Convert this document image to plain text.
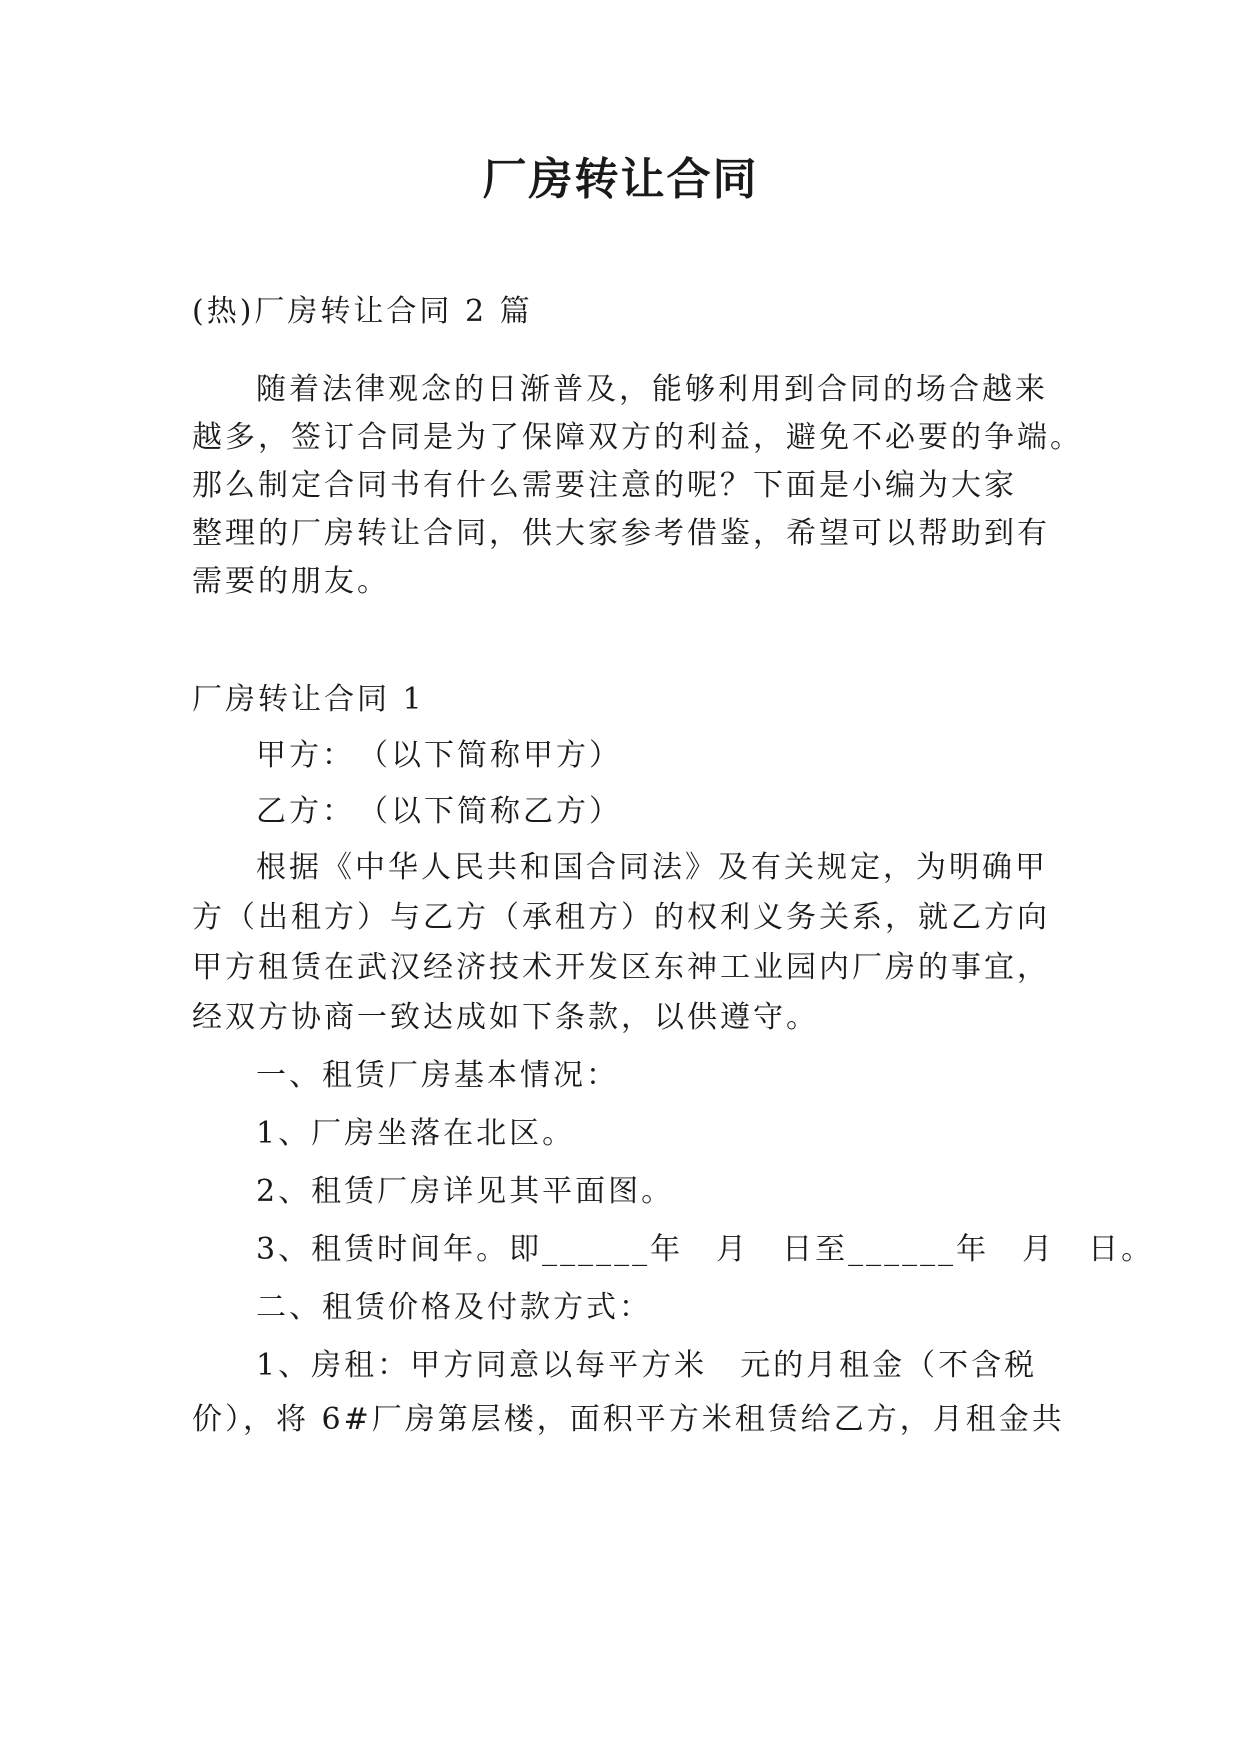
厂房转让合同
(热)厂房转让合同 2 篇
随着法律观念的日渐普及，能够利用到合同的场合越来
越多，签订合同是为了保障双方的利益，避免不必要的争端。
那么制定合同书有什么需要注意的呢？下面是小编为大家
整理的厂房转让合同，供大家参考借鉴，希望可以帮助到有
需要的朋友。
厂房转让合同 1
甲方：　（以下简称甲方）
乙方：　（以下简称乙方）
根据《中华人民共和国合同法》及有关规定，为明确甲
方（出租方）与乙方（承租方）的权利义务关系，就乙方向
甲方租赁在武汉经济技术开发区东神工业园内厂房的事宜，
经双方协商一致达成如下条款，以供遵守。
一、租赁厂房基本情况：
1、厂房坐落在北区。
2、租赁厂房详见其平面图。
3、租赁时间年。即______年　月　日至______年　月　日。
二、租赁价格及付款方式：
1、房租：甲方同意以每平方米　元的月租金（不含税
价），将 6#厂房第层楼，面积平方米租赁给乙方，月租金共
